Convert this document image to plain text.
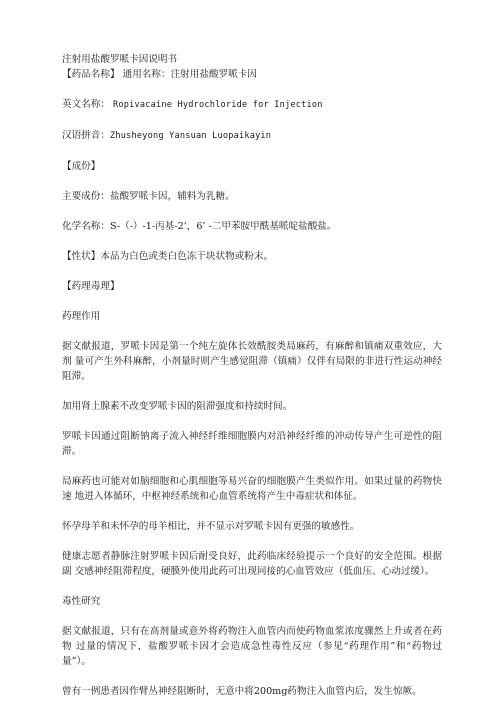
注射用盐酸罗哌卡因说明书

【药品名称】 通用名称：注射用盐酸罗哌卡因

英文名称： Ropivacaine Hydrochloride for Injection

汉语拼音：Zhusheyong Yansuan Luopaikayin

【成份】

主要成份：盐酸罗哌卡因，辅料为乳糖。

化学名称：S-（-）-1-丙基-2’，6’ -二甲苯胺甲酰基哌啶盐酸盐。

【性状】本品为白色或类白色冻干块状物或粉末。

【药理毒理】

药理作用

据文献报道，罗哌卡因是第一个纯左旋体长效酰胺类局麻药，有麻醉和镇痛双重效应，大剂 量可产生外科麻醉，小剂量时则产生感觉阻滞（镇痛）仅伴有局限的非进行性运动神经阻滞。

加用肾上腺素不改变罗哌卡因的阻滞强度和持续时间。

罗哌卡因通过阻断钠离子流入神经纤维细胞膜内对沿神经纤维的冲动传导产生可逆性的阻滞。

局麻药也可能对如脑细胞和心肌细胞等易兴奋的细胞膜产生类似作用。如果过量的药物快速 地进入体循环，中枢神经系统和心血管系统将产生中毒症状和体征。

怀孕母羊和未怀孕的母羊相比，并不显示对罗哌卡因有更强的敏感性。

健康志愿者静脉注射罗哌卡因后耐受良好，此药临床经验提示一个良好的安全范围。根据副 交感神经阻滞程度，硬膜外使用此药可出现同接的心血管效应（低血压、心动过缓）。

毒性研究

据文献报道，只有在高剂量或意外将药物注入血管内而使药物血浆浓度骤然上升或者在药物 过量的情况下，盐酸罗哌卡因才会造成急性毒性反应（参见“药理作用”和“药物过量”）。

曾有一例患者因作臂丛神经阻断时，无意中将200mg药物注入血管内后，发生惊厥。
